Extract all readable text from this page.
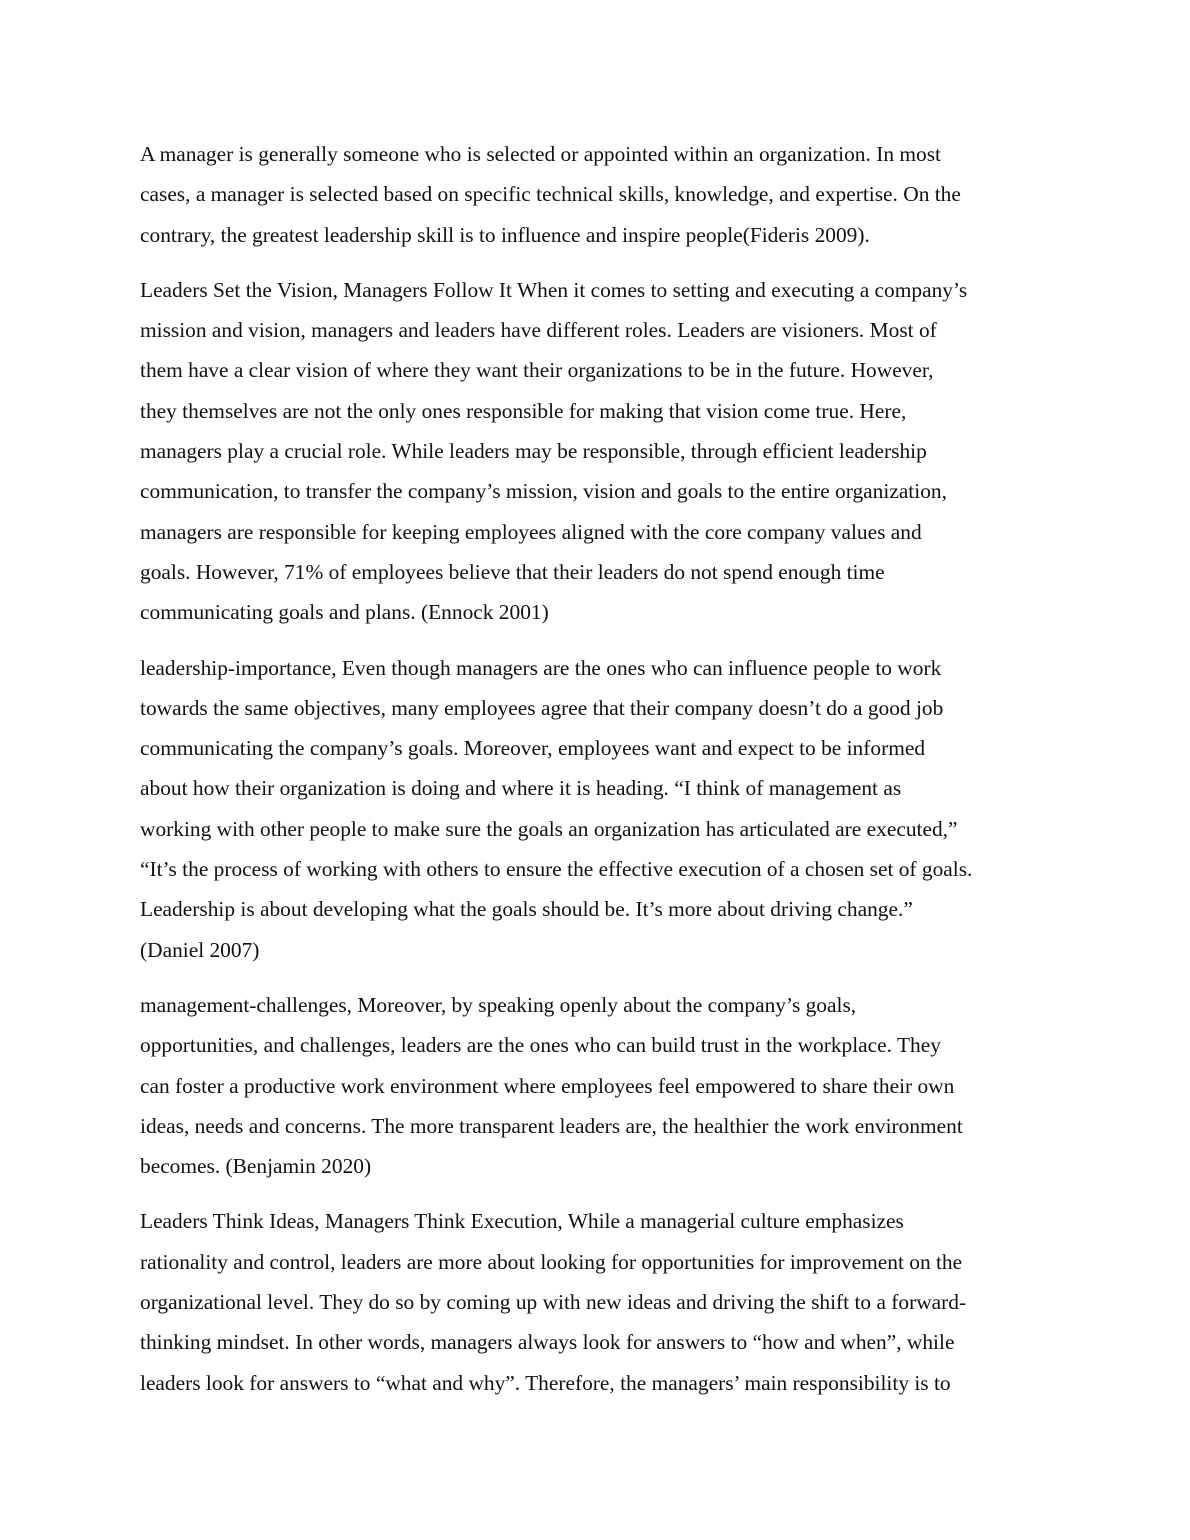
A manager is generally someone who is selected or appointed within an organization. In most
cases, a manager is selected based on specific technical skills, knowledge, and expertise. On the
contrary, the greatest leadership skill is to influence and inspire people(Fideris 2009).

Leaders Set the Vision, Managers Follow It When it comes to setting and executing a company’s
mission and vision, managers and leaders have different roles. Leaders are visioners. Most of
them have a clear vision of where they want their organizations to be in the future. However,
they themselves are not the only ones responsible for making that vision come true. Here,
managers play a crucial role. While leaders may be responsible, through efficient leadership
communication, to transfer the company’s mission, vision and goals to the entire organization,
managers are responsible for keeping employees aligned with the core company values and
goals. However, 71% of employees believe that their leaders do not spend enough time
communicating goals and plans. (Ennock 2001)

leadership-importance, Even though managers are the ones who can influence people to work
towards the same objectives, many employees agree that their company doesn’t do a good job
communicating the company’s goals. Moreover, employees want and expect to be informed
about how their organization is doing and where it is heading. “I think of management as
working with other people to make sure the goals an organization has articulated are executed,”
“It’s the process of working with others to ensure the effective execution of a chosen set of goals.
Leadership is about developing what the goals should be. It’s more about driving change.”
(Daniel 2007)

management-challenges, Moreover, by speaking openly about the company’s goals,
opportunities, and challenges, leaders are the ones who can build trust in the workplace. They
can foster a productive work environment where employees feel empowered to share their own
ideas, needs and concerns. The more transparent leaders are, the healthier the work environment
becomes. (Benjamin 2020)

Leaders Think Ideas, Managers Think Execution, While a managerial culture emphasizes
rationality and control, leaders are more about looking for opportunities for improvement on the
organizational level. They do so by coming up with new ideas and driving the shift to a forward-
thinking mindset. In other words, managers always look for answers to “how and when”, while
leaders look for answers to “what and why”. Therefore, the managers’ main responsibility is to
